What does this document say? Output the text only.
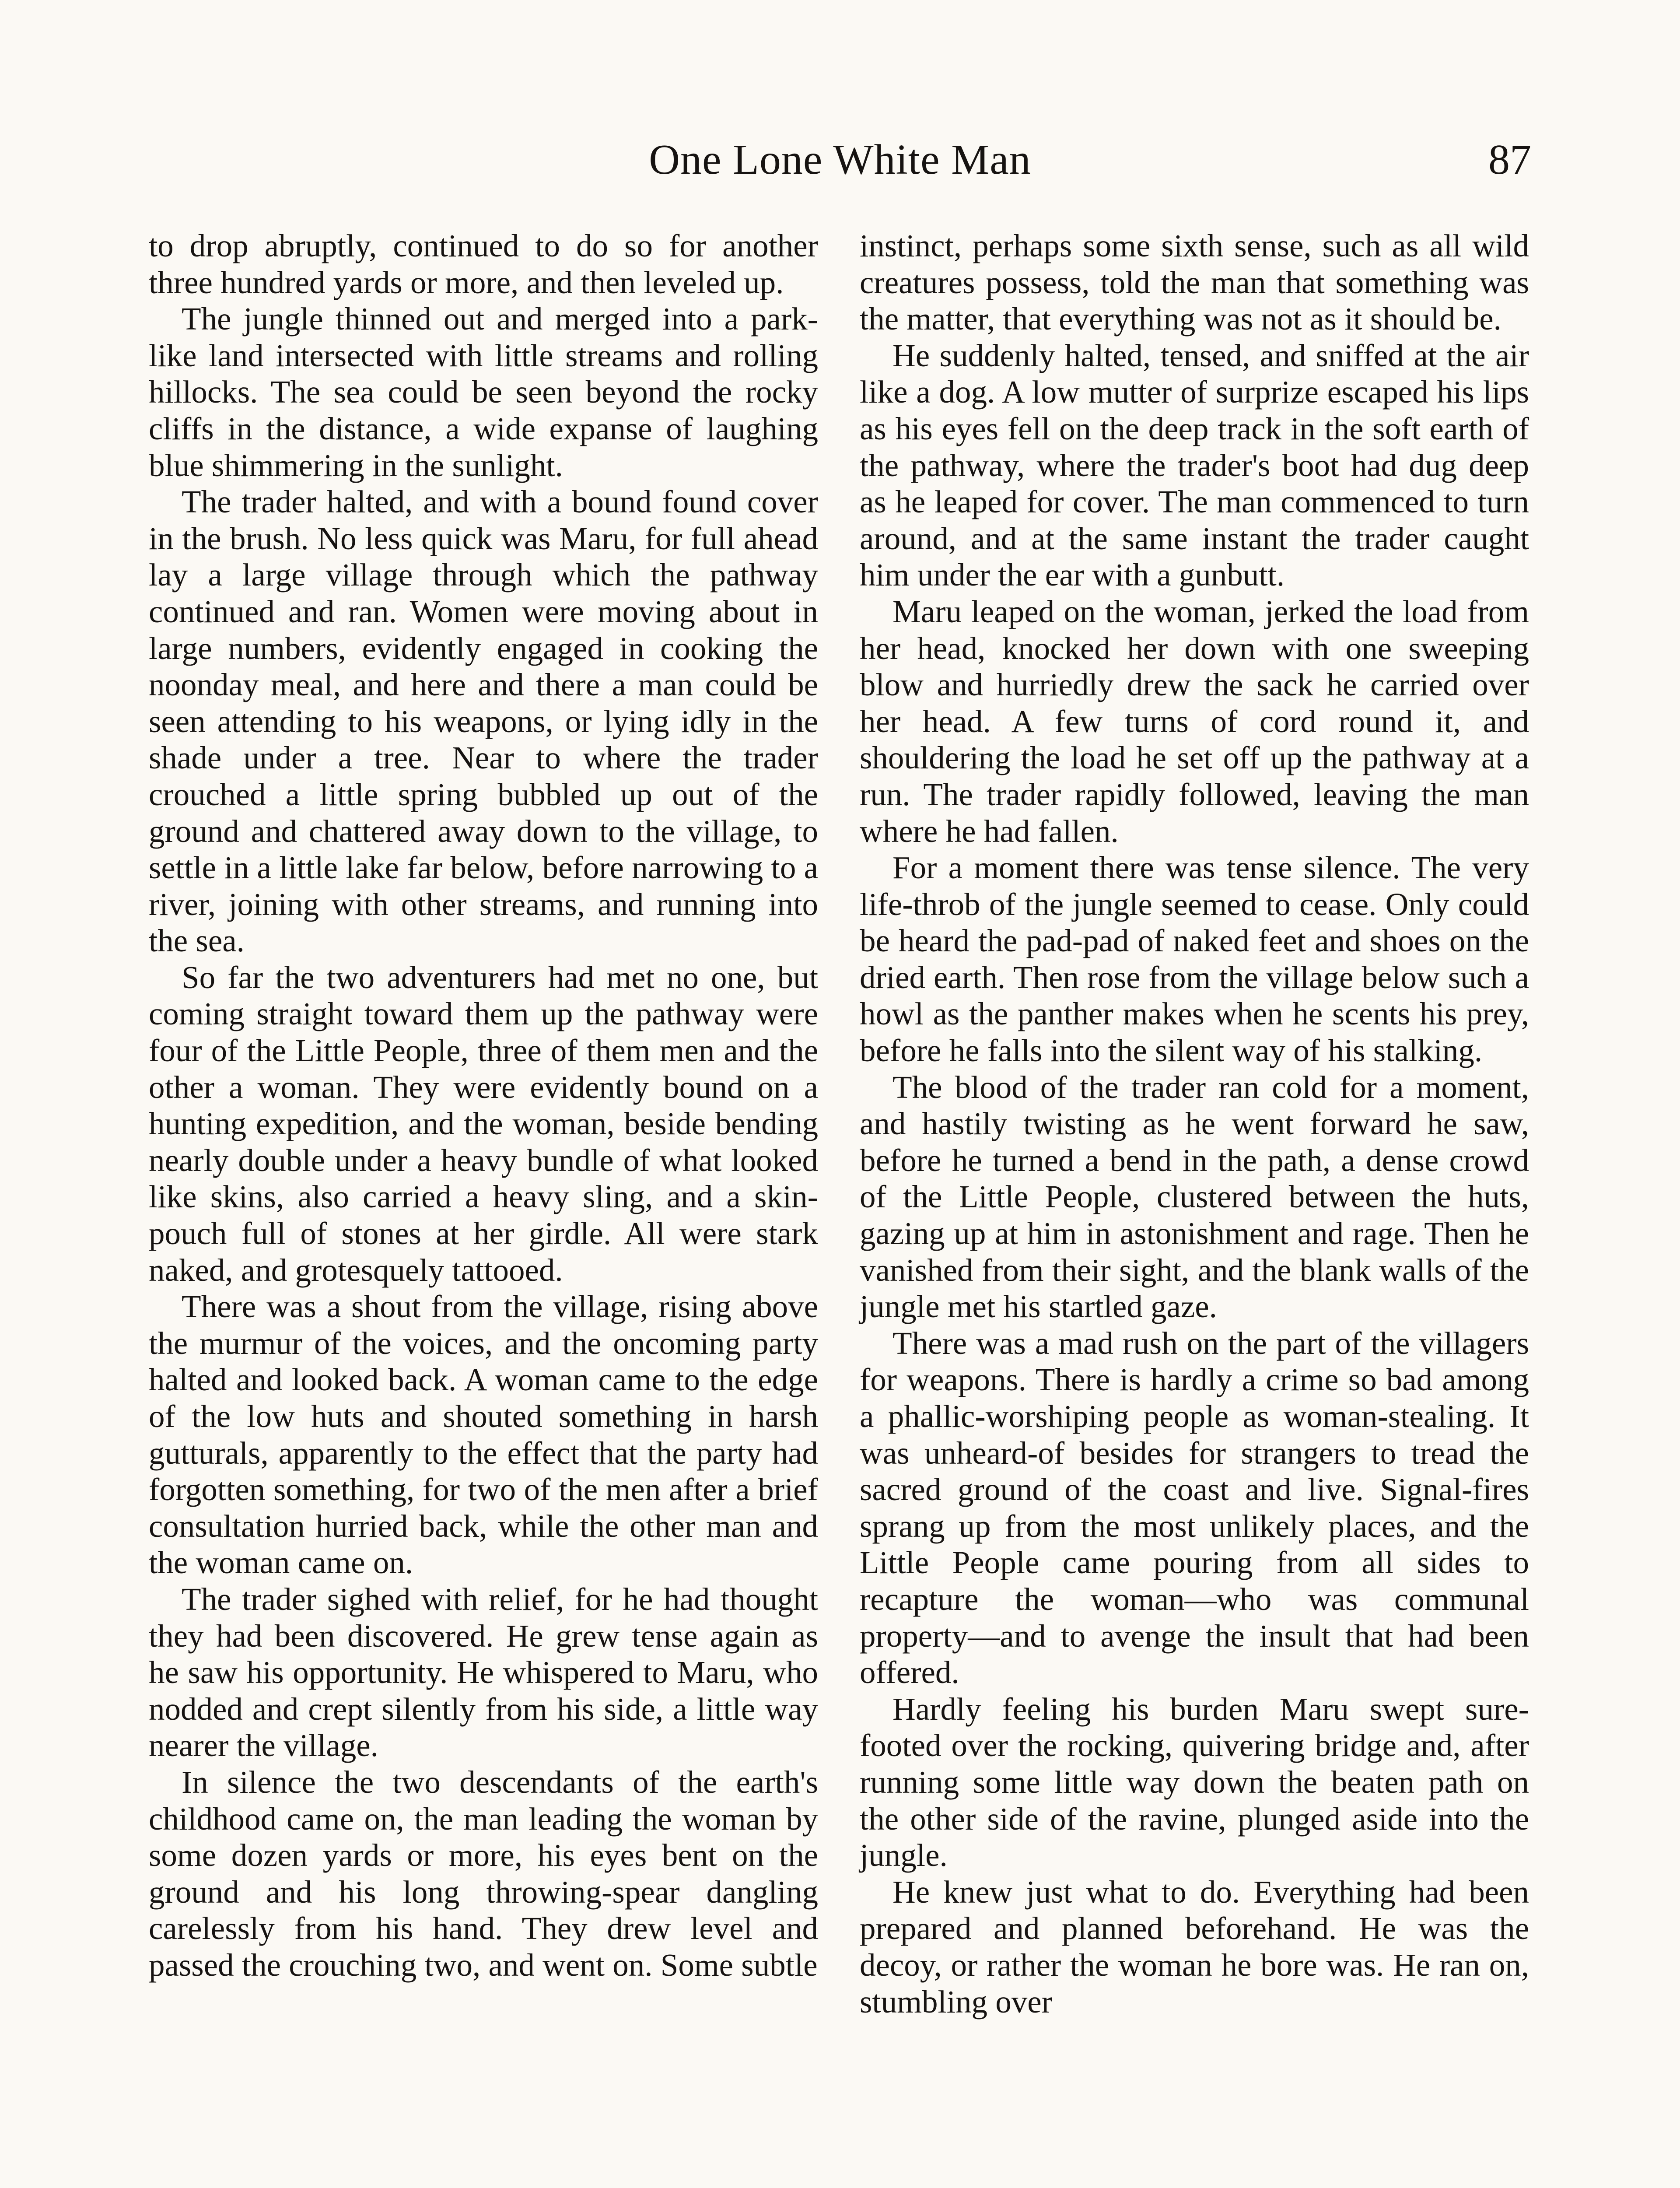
One Lone White Man	87

to drop abruptly, continued to do so for another three hundred yards or more, and then leveled up.

The jungle thinned out and merged into a park-like land intersected with little streams and rolling hillocks. The sea could be seen beyond the rocky cliffs in the distance, a wide expanse of laughing blue shimmering in the sunlight.

The trader halted, and with a bound found cover in the brush. No less quick was Maru, for full ahead lay a large village through which the pathway continued and ran. Women were moving about in large numbers, evidently engaged in cooking the noonday meal, and here and there a man could be seen attending to his weapons, or lying idly in the shade under a tree. Near to where the trader crouched a little spring bubbled up out of the ground and chattered away down to the village, to settle in a little lake far below, before narrowing to a river, joining with other streams, and running into the sea.

So far the two adventurers had met no one, but coming straight toward them up the pathway were four of the Little People, three of them men and the other a woman. They were evidently bound on a hunting expedition, and the woman, beside bending nearly double under a heavy bundle of what looked like skins, also carried a heavy sling, and a skin-pouch full of stones at her girdle. All were stark naked, and grotesquely tattooed.

There was a shout from the village, rising above the murmur of the voices, and the oncoming party halted and looked back. A woman came to the edge of the low huts and shouted something in harsh gutturals, apparently to the effect that the party had forgotten something, for two of the men after a brief consultation hurried back, while the other man and the woman came on.

The trader sighed with relief, for he had thought they had been discovered. He grew tense again as he saw his opportunity. He whispered to Maru, who nodded and crept silently from his side, a little way nearer the village.

In silence the two descendants of the earth's childhood came on, the man leading the woman by some dozen yards or more, his eyes bent on the ground and his long throwing-spear dangling carelessly from his hand. They drew level and passed the crouching two, and went on. Some subtle

instinct, perhaps some sixth sense, such as all wild creatures possess, told the man that something was the matter, that everything was not as it should be.

He suddenly halted, tensed, and sniffed at the air like a dog. A low mutter of surprize escaped his lips as his eyes fell on the deep track in the soft earth of the pathway, where the trader's boot had dug deep as he leaped for cover. The man commenced to turn around, and at the same instant the trader caught him under the ear with a gunbutt.

Maru leaped on the woman, jerked the load from her head, knocked her down with one sweeping blow and hurriedly drew the sack he carried over her head. A few turns of cord round it, and shouldering the load he set off up the pathway at a run. The trader rapidly followed, leaving the man where he had fallen.

For a moment there was tense silence. The very life-throb of the jungle seemed to cease. Only could be heard the pad-pad of naked feet and shoes on the dried earth. Then rose from the village below such a howl as the panther makes when he scents his prey, before he falls into the silent way of his stalking.

The blood of the trader ran cold for a moment, and hastily twisting as he went forward he saw, before he turned a bend in the path, a dense crowd of the Little People, clustered between the huts, gazing up at him in astonishment and rage. Then he vanished from their sight, and the blank walls of the jungle met his startled gaze.

There was a mad rush on the part of the villagers for weapons. There is hardly a crime so bad among a phallic-worshiping people as woman-stealing. It was unheard-of besides for strangers to tread the sacred ground of the coast and live. Signal-fires sprang up from the most unlikely places, and the Little People came pouring from all sides to recapture the woman—who was communal property—and to avenge the insult that had been offered.

Hardly feeling his burden Maru swept sure-footed over the rocking, quivering bridge and, after running some little way down the beaten path on the other side of the ravine, plunged aside into the jungle.

He knew just what to do. Everything had been prepared and planned beforehand. He was the decoy, or rather the woman he bore was. He ran on, stumbling over
